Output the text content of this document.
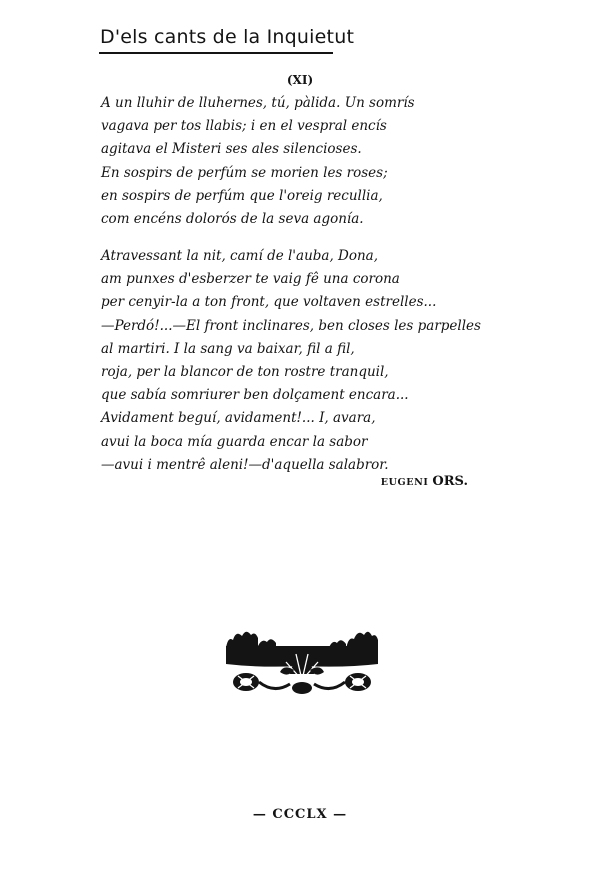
D'els cants de la Inquietut
(XI)
A un lluhir de lluhernes, tú, pàlida. Un somrís
vagava per tos llabis; i en el vespral encís
agitava el Misteri ses ales silencioses.
En sospirs de perfúm se morien les roses;
en sospirs de perfúm que l'oreig recullia,
com encéns dolorós de la seva agonía.
Atravessant la nit, camí de l'auba, Dona,
am punxes d'esberzer te vaig fê una corona
per cenyir-la a ton front, que voltaven estrelles...
—Perdó!...—El front inclinares, ben closes les parpelles
al martiri. I la sang va baixar, fil a fil,
roja, per la blancor de ton rostre tranquil,
que sabía somriurer ben dolçament encara...
Avidament beguí, avidament!... I, avara,
avui la boca mía guarda encar la sabor
—avui i mentrê aleni!—d'aquella salabror.
EUGENI ORS.
— CCCLX —
